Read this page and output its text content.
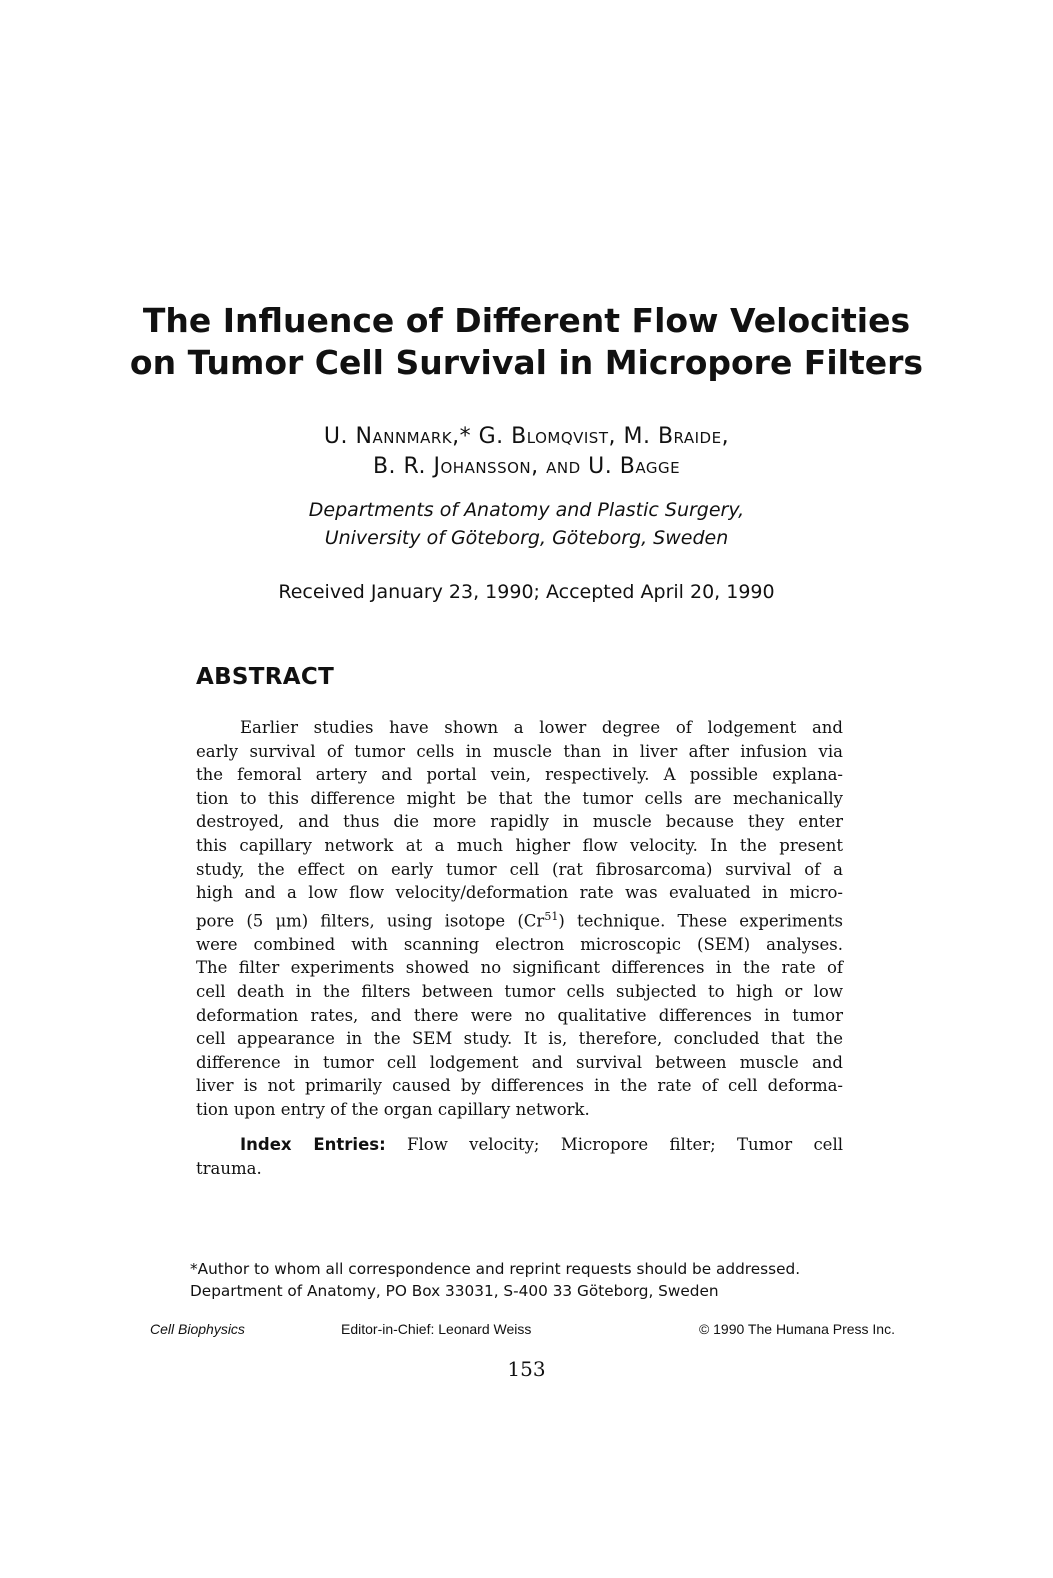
The Influence of Different Flow Velocities
on Tumor Cell Survival in Micropore Filters
U. Nannmark,* G. Blomqvist, M. Braide,
B. R. Johansson, and U. Bagge
Departments of Anatomy and Plastic Surgery,
University of Göteborg, Göteborg, Sweden
Received January 23, 1990; Accepted April 20, 1990
ABSTRACT
Earlier studies have shown a lower degree of lodgement and
early survival of tumor cells in muscle than in liver after infusion via
the femoral artery and portal vein, respectively. A possible explana-
tion to this difference might be that the tumor cells are mechanically
destroyed, and thus die more rapidly in muscle because they enter
this capillary network at a much higher flow velocity. In the present
study, the effect on early tumor cell (rat fibrosarcoma) survival of a
high and a low flow velocity/deformation rate was evaluated in micro-
pore (5 μm) filters, using isotope (Cr$^{51}$) technique. These experiments
were combined with scanning electron microscopic (SEM) analyses.
The filter experiments showed no significant differences in the rate of
cell death in the filters between tumor cells subjected to high or low
deformation rates, and there were no qualitative differences in tumor
cell appearance in the SEM study. It is, therefore, concluded that the
difference in tumor cell lodgement and survival between muscle and
liver is not primarily caused by differences in the rate of cell deforma-
tion upon entry of the organ capillary network.
Index Entries: Flow velocity; Micropore filter; Tumor cell
trauma.
*Author to whom all correspondence and reprint requests should be addressed.
Department of Anatomy, PO Box 33031, S-400 33 Göteborg, Sweden
Cell Biophysics	Editor-in-Chief: Leonard Weiss	© 1990 The Humana Press Inc.
153
